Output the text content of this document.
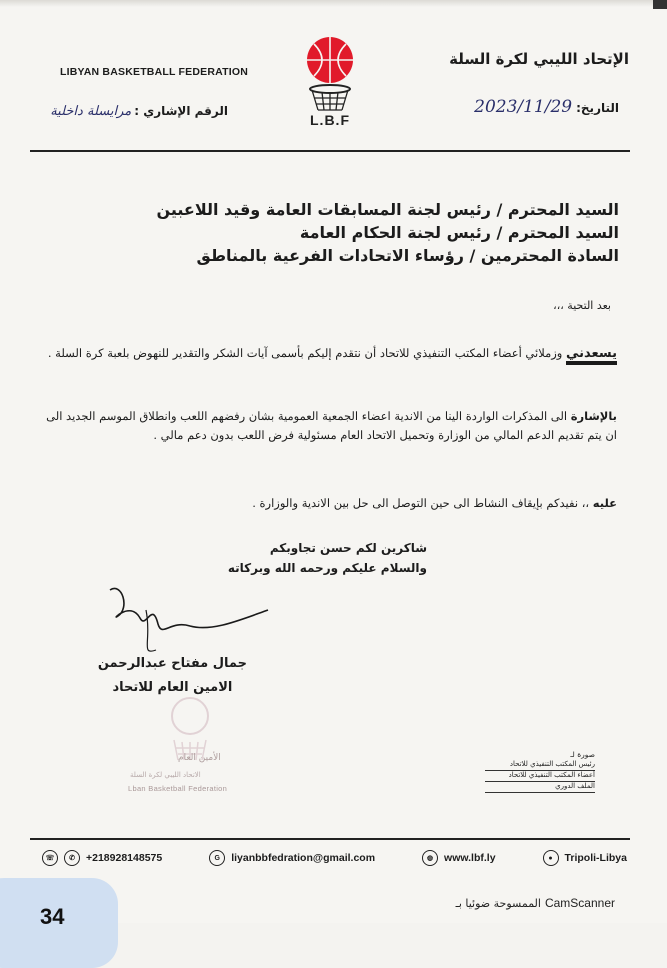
LIBYAN BASKETBALL FEDERATION
الإتحاد الليبي لكرة السلة
L.B.F
التاريخ:
2023/11/29
الرقم الإشاري :
مرايسلة داخلية

السيد المحترم / رئيس لجنة المسابقات العامة وقيد اللاعبين

السيد المحترم / رئيس لجنة الحكام العامة

السادة المحترمين / رؤساء الاتحادات الفرعية بالمناطق

بعد التحية ،،،

يسعدني وزملائي أعضاء المكتب التنفيذي للاتحاد أن نتقدم إليكم بأسمى آيات الشكر والتقدير للنهوض بلعبة كرة السلة .

بالإشارة الى المذكرات الواردة الينا من الاندية اعضاء الجمعية العمومية بشان رفضهم اللعب وانطلاق الموسم الجديد الى ان يتم تقديم الدعم المالي من الوزارة وتحميل الاتحاد العام مسئولية فرض اللعب بدون دعم مالي .

عليه ،، نفيدكم بإيقاف النشاط الى حين التوصل الى حل بين الاندية والوزارة .

شاكرين لكم حسن تجاوبكم
والسلام عليكم ورحمه الله وبركاته
جمال مفتاح عبدالرحمن
الامين العام للاتحاد
الأمين العام
الاتحاد الليبي لكرة السلة
Lban Basketball Federation
صورة لـ
رئيس المكتب التنفيذي للاتحاد
أعضاء المكتب التنفيذي للاتحاد
الملف الدوري
☏	✆	+218928148575	G	liyanbbfedration@gmail.com	◍	www.lbf.ly	●	Tripoli-Libya
34
الممسوحة ضوئيا بـ CamScanner
